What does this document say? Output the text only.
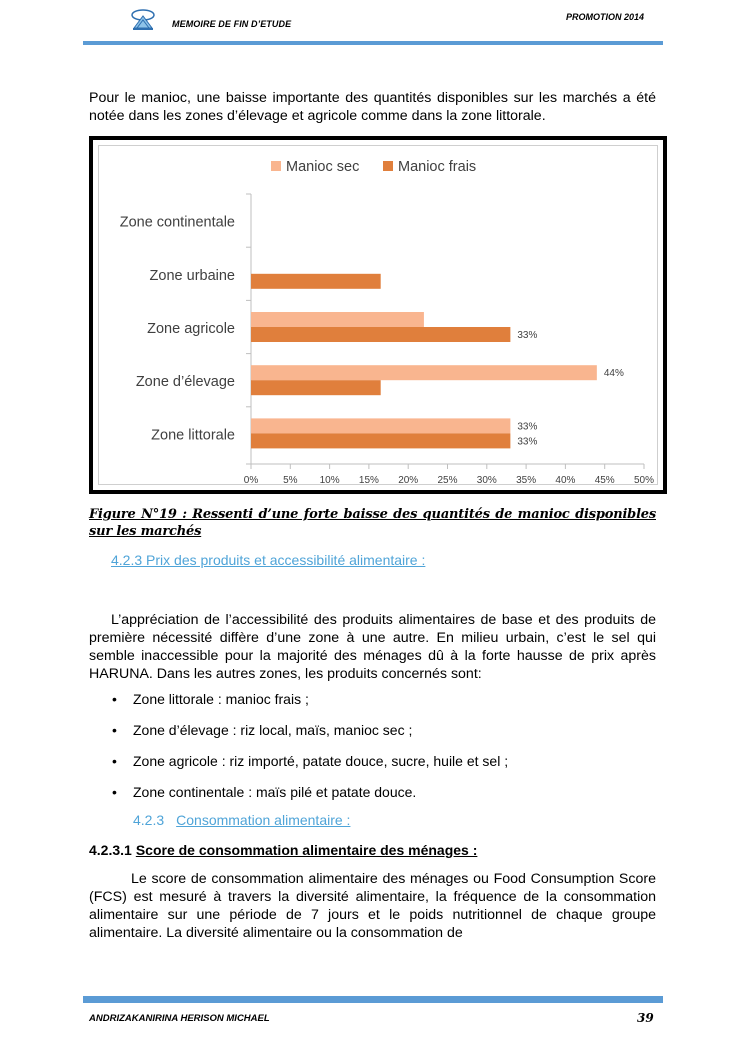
MEMOIRE DE FIN D’ETUDE
PROMOTION 2014

Pour le manioc, une baisse importante des quantités disponibles sur les marchés a été notée dans les zones d’élevage et agricole comme dans la zone littorale.

Manioc sec	Manioc frais
Zone continentale
Zone urbaine
Zone agricole	33%
Zone d’élevage
44%
Zone littorale
33%
33%
0% 5% 10% 15% 20% 25% 30% 35% 40% 45% 50%

Figure N°19 : Ressenti d’une forte baisse des quantités de manioc disponibles sur les marchés

4.2.3 Prix des produits et accessibilité alimentaire :

L’appréciation de l’accessibilité des produits alimentaires de base et des produits de première nécessité diffère d’une zone à une autre. En milieu urbain, c’est le sel qui semble inaccessible pour la majorité des ménages dû à la forte hausse de prix après HARUNA. Dans les autres zones, les produits concernés sont:

• Zone littorale : manioc frais ;
• Zone d’élevage : riz local, maïs, manioc sec ;
• Zone agricole : riz importé, patate douce, sucre, huile et sel ;
• Zone continentale : maïs pilé et patate douce.
4.2.3 Consommation alimentaire :
4.2.3.1 Score de consommation alimentaire des ménages :

Le score de consommation alimentaire des ménages ou Food Consumption Score (FCS) est mesuré à travers la diversité alimentaire, la fréquence de la consommation alimentaire sur une période de 7 jours et le poids nutritionnel de chaque groupe alimentaire. La diversité alimentaire ou la consommation de

ANDRIZAKANIRINA HERISON MICHAEL	39
